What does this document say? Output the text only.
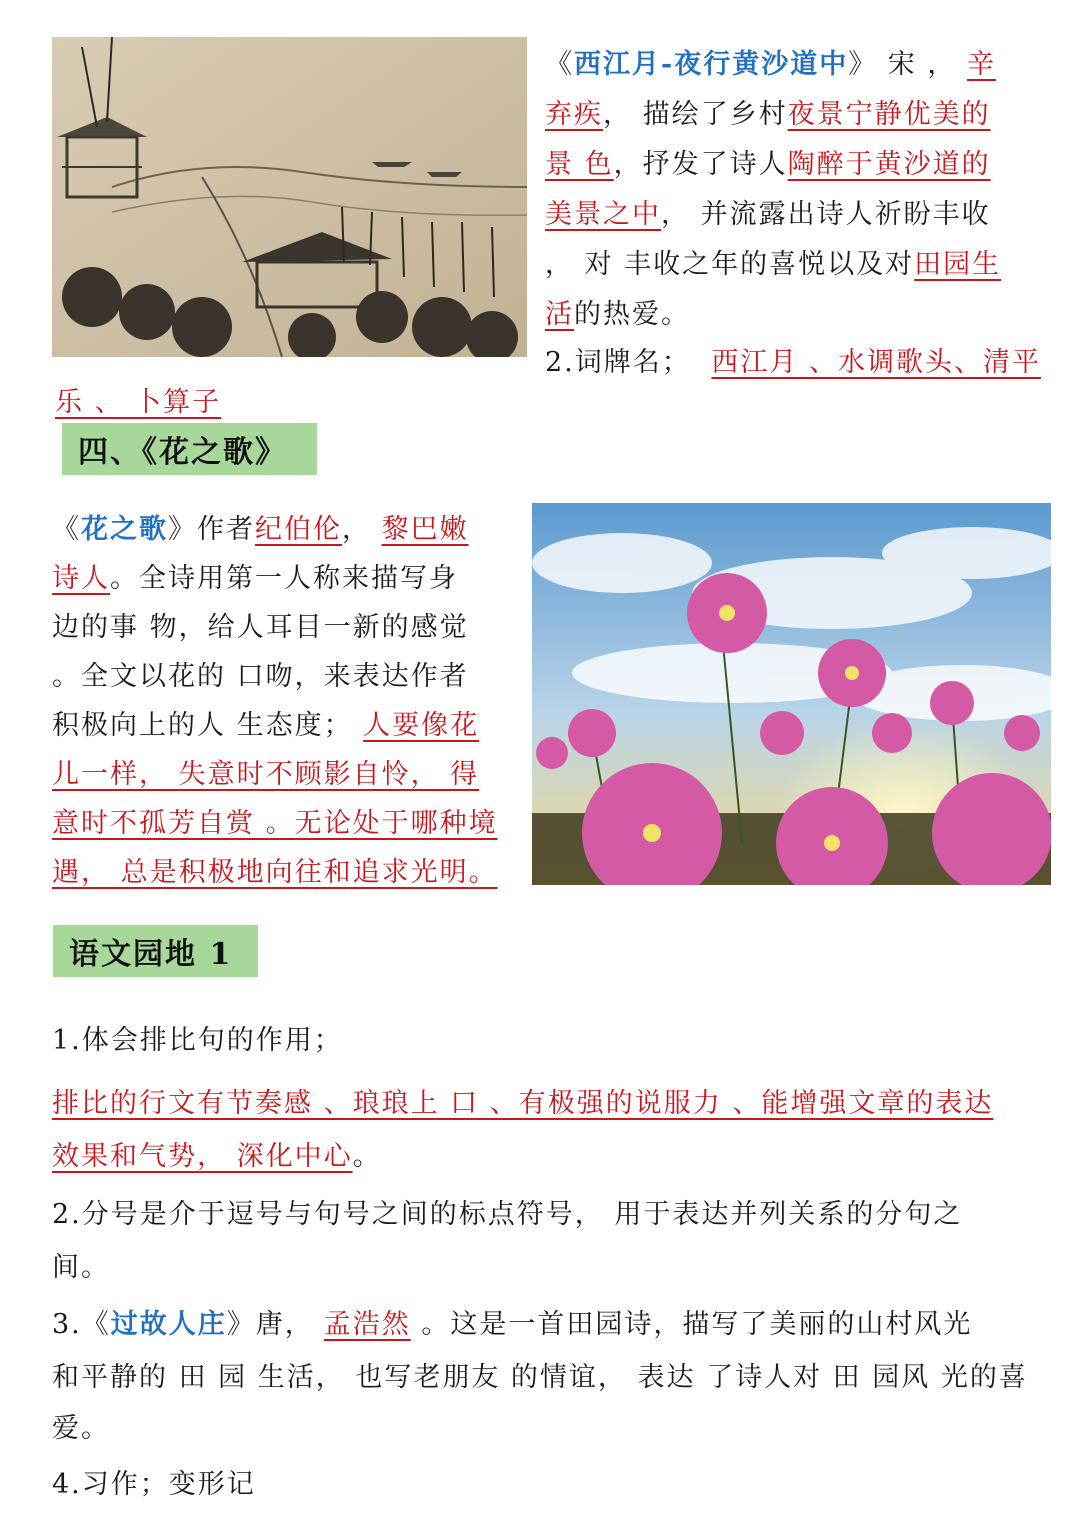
《西江月-夜行黄沙道中》 宋 ， 辛
弃疾， 描绘了乡村夜景宁静优美的
景 色，抒发了诗人陶醉于黄沙道的
美景之中， 并流露出诗人祈盼丰收
， 对 丰收之年的喜悦以及对田园生
活的热爱。
2.词牌名； 西江月 、水调歌头、清平
乐 、 卜算子
四、《花之歌》
《花之歌》作者纪伯伦， 黎巴嫩
诗人。全诗用第一人称来描写身
边的事 物，给人耳目一新的感觉
。全文以花的 口吻，来表达作者
积极向上的人 生态度； 人要像花
儿一样， 失意时不顾影自怜， 得
意时不孤芳自赏 。无论处于哪种境
遇， 总是积极地向往和追求光明。
语文园地 1
1.体会排比句的作用；
排比的行文有节奏感 、琅琅上 口 、有极强的说服力 、能增强文章的表达
效果和气势， 深化中心。
2.分号是介于逗号与句号之间的标点符号， 用于表达并列关系的分句之
间。
3.《过故人庄》唐， 孟浩然 。这是一首田园诗，描写了美丽的山村风光
和平静的 田 园 生活， 也写老朋友 的情谊， 表达 了诗人对 田 园风 光的喜
爱。
4.习作；变形记
